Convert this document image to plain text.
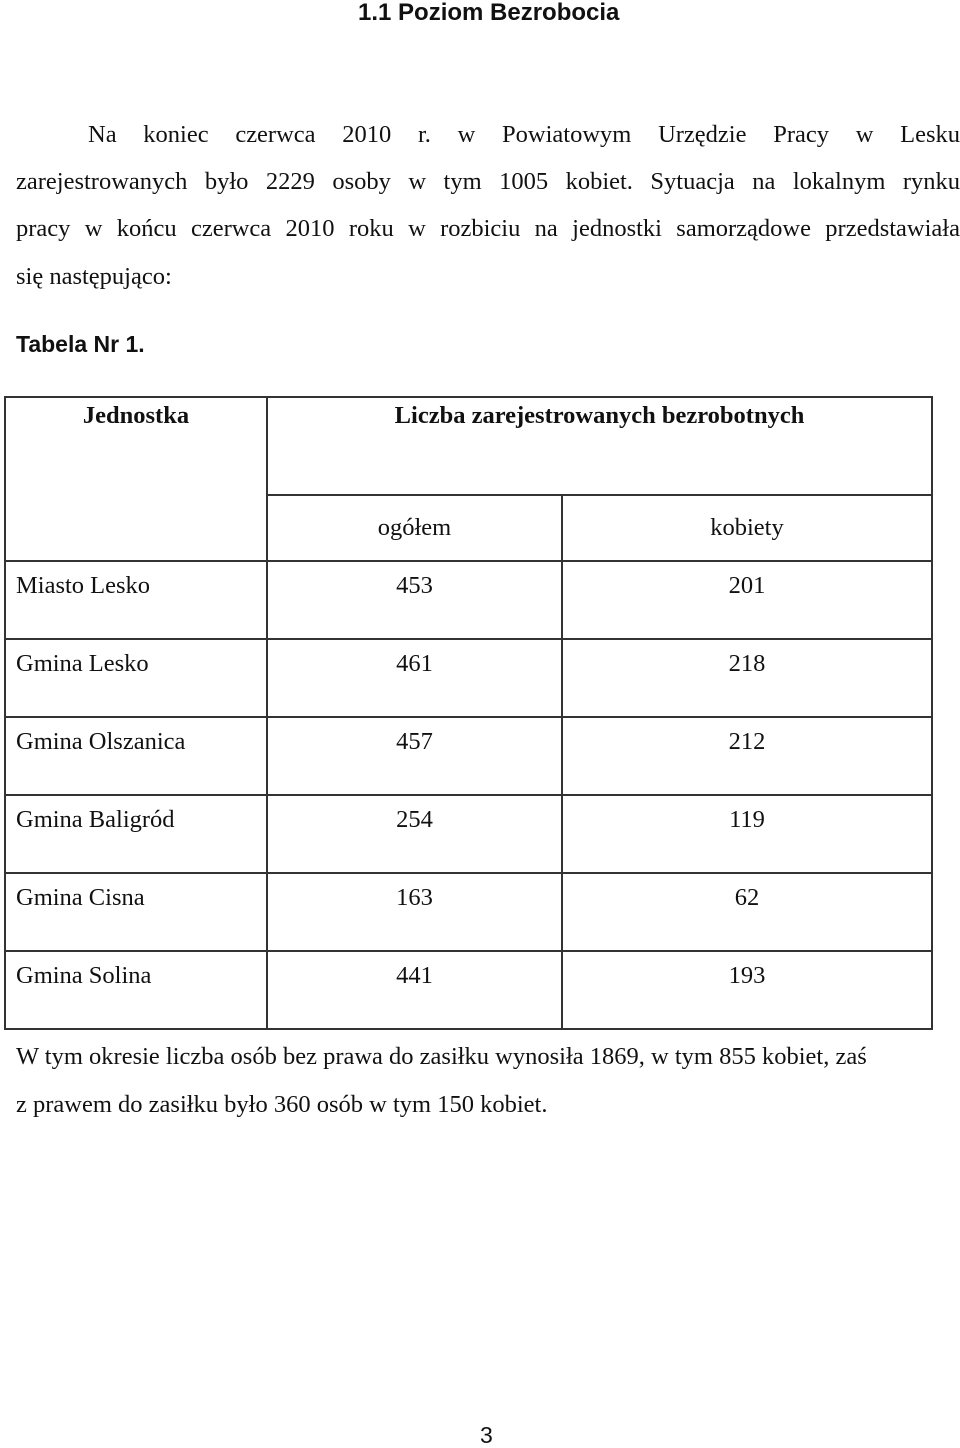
1.1 Poziom Bezrobocia
Na koniec czerwca 2010 r. w Powiatowym Urzędzie Pracy w Lesku
zarejestrowanych było 2229 osoby w tym 1005 kobiet. Sytuacja na lokalnym rynku
pracy w końcu czerwca 2010 roku w rozbiciu na jednostki samorządowe przedstawiała
się następująco:
Tabela Nr 1.
Jednostka	Liczba zarejestrowanych bezrobotnych	
	ogółem	kobiety
Miasto Lesko	453	201
Gmina Lesko	461	218
Gmina Olszanica	457	212
Gmina Baligród	254	119
Gmina Cisna	163	62
Gmina Solina	441	193
W tym okresie liczba osób bez prawa do zasiłku wynosiła 1869, w tym 855 kobiet, zaś
z prawem do zasiłku było 360 osób w tym 150 kobiet.
3
